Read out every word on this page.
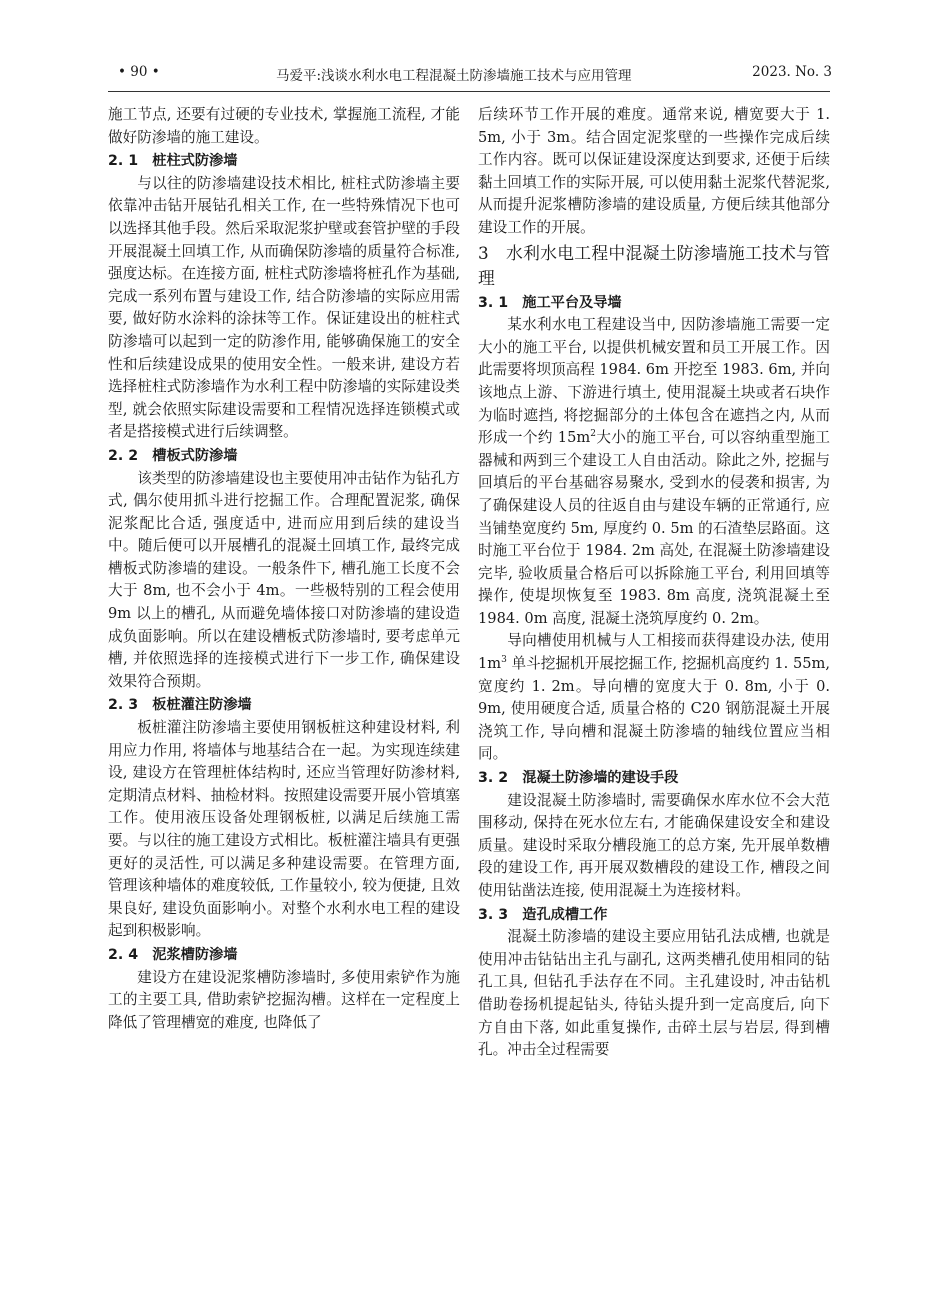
• 90 •	马爱平:浅谈水利水电工程混凝土防渗墙施工技术与应用管理	2023. No. 3

施工节点, 还要有过硬的专业技术, 掌握施工流程, 才能做好防渗墙的施工建设。

2. 1　桩柱式防渗墙

与以往的防渗墙建设技术相比, 桩柱式防渗墙主要依靠冲击钻开展钻孔相关工作, 在一些特殊情况下也可以选择其他手段。然后采取泥浆护壁或套管护壁的手段开展混凝土回填工作, 从而确保防渗墙的质量符合标准, 强度达标。在连接方面, 桩柱式防渗墙将桩孔作为基础, 完成一系列布置与建设工作, 结合防渗墙的实际应用需要, 做好防水涂料的涂抹等工作。保证建设出的桩柱式防渗墙可以起到一定的防渗作用, 能够确保施工的安全性和后续建设成果的使用安全性。一般来讲, 建设方若选择桩柱式防渗墙作为水利工程中防渗墙的实际建设类型, 就会依照实际建设需要和工程情况选择连锁模式或者是搭接模式进行后续调整。

2. 2　槽板式防渗墙

该类型的防渗墙建设也主要使用冲击钻作为钻孔方式, 偶尔使用抓斗进行挖掘工作。合理配置泥浆, 确保泥浆配比合适, 强度适中, 进而应用到后续的建设当中。随后便可以开展槽孔的混凝土回填工作, 最终完成槽板式防渗墙的建设。一般条件下, 槽孔施工长度不会大于 8m, 也不会小于 4m。一些极特别的工程会使用 9m 以上的槽孔, 从而避免墙体接口对防渗墙的建设造成负面影响。所以在建设槽板式防渗墙时, 要考虑单元槽, 并依照选择的连接模式进行下一步工作, 确保建设效果符合预期。

2. 3　板桩灌注防渗墙

板桩灌注防渗墙主要使用钢板桩这种建设材料, 利用应力作用, 将墙体与地基结合在一起。为实现连续建设, 建设方在管理桩体结构时, 还应当管理好防渗材料, 定期清点材料、抽检材料。按照建设需要开展小管填塞工作。使用液压设备处理钢板桩, 以满足后续施工需要。与以往的施工建设方式相比。板桩灌注墙具有更强更好的灵活性, 可以满足多种建设需要。在管理方面, 管理该种墙体的难度较低, 工作量较小, 较为便捷, 且效果良好, 建设负面影响小。对整个水利水电工程的建设起到积极影响。

2. 4　泥浆槽防渗墙

建设方在建设泥浆槽防渗墙时, 多使用索铲作为施工的主要工具, 借助索铲挖掘沟槽。这样在一定程度上降低了管理槽宽的难度, 也降低了

后续环节工作开展的难度。通常来说, 槽宽要大于 1. 5m, 小于 3m。结合固定泥浆壁的一些操作完成后续工作内容。既可以保证建设深度达到要求, 还便于后续黏土回填工作的实际开展, 可以使用黏土泥浆代替泥浆, 从而提升泥浆槽防渗墙的建设质量, 方便后续其他部分建设工作的开展。

3　水利水电工程中混凝土防渗墙施工技术与管理
3. 1　施工平台及导墙

某水利水电工程建设当中, 因防渗墙施工需要一定大小的施工平台, 以提供机械安置和员工开展工作。因此需要将坝顶高程 1984. 6m 开挖至 1983. 6m, 并向该地点上游、下游进行填土, 使用混凝土块或者石块作为临时遮挡, 将挖掘部分的土体包含在遮挡之内, 从而形成一个约 $15m^2$大小的施工平台, 可以容纳重型施工器械和两到三个建设工人自由活动。除此之外, 挖掘与回填后的平台基础容易聚水, 受到水的侵袭和损害, 为了确保建设人员的往返自由与建设车辆的正常通行, 应当铺垫宽度约 5m, 厚度约 0. 5m 的石渣垫层路面。这时施工平台位于 1984. 2m 高处, 在混凝土防渗墙建设完毕, 验收质量合格后可以拆除施工平台, 利用回填等操作, 使堤坝恢复至 1983. 8m 高度, 浇筑混凝土至 1984. 0m 高度, 混凝土浇筑厚度约 0. 2m。

导向槽使用机械与人工相接而获得建设办法, 使用 $1m^3$ 单斗挖掘机开展挖掘工作, 挖掘机高度约 1. 55m, 宽度约 1. 2m。导向槽的宽度大于 0. 8m, 小于 0. 9m, 使用硬度合适, 质量合格的 C20 钢筋混凝土开展浇筑工作, 导向槽和混凝土防渗墙的轴线位置应当相同。

3. 2　混凝土防渗墙的建设手段

建设混凝土防渗墙时, 需要确保水库水位不会大范围移动, 保持在死水位左右, 才能确保建设安全和建设质量。建设时采取分槽段施工的总方案, 先开展单数槽段的建设工作, 再开展双数槽段的建设工作, 槽段之间使用钻凿法连接, 使用混凝土为连接材料。

3. 3　造孔成槽工作

混凝土防渗墙的建设主要应用钻孔法成槽, 也就是使用冲击钻钻出主孔与副孔, 这两类槽孔使用相同的钻孔工具, 但钻孔手法存在不同。主孔建设时, 冲击钻机借助卷扬机提起钻头, 待钻头提升到一定高度后, 向下方自由下落, 如此重复操作, 击碎土层与岩层, 得到槽孔。冲击全过程需要
